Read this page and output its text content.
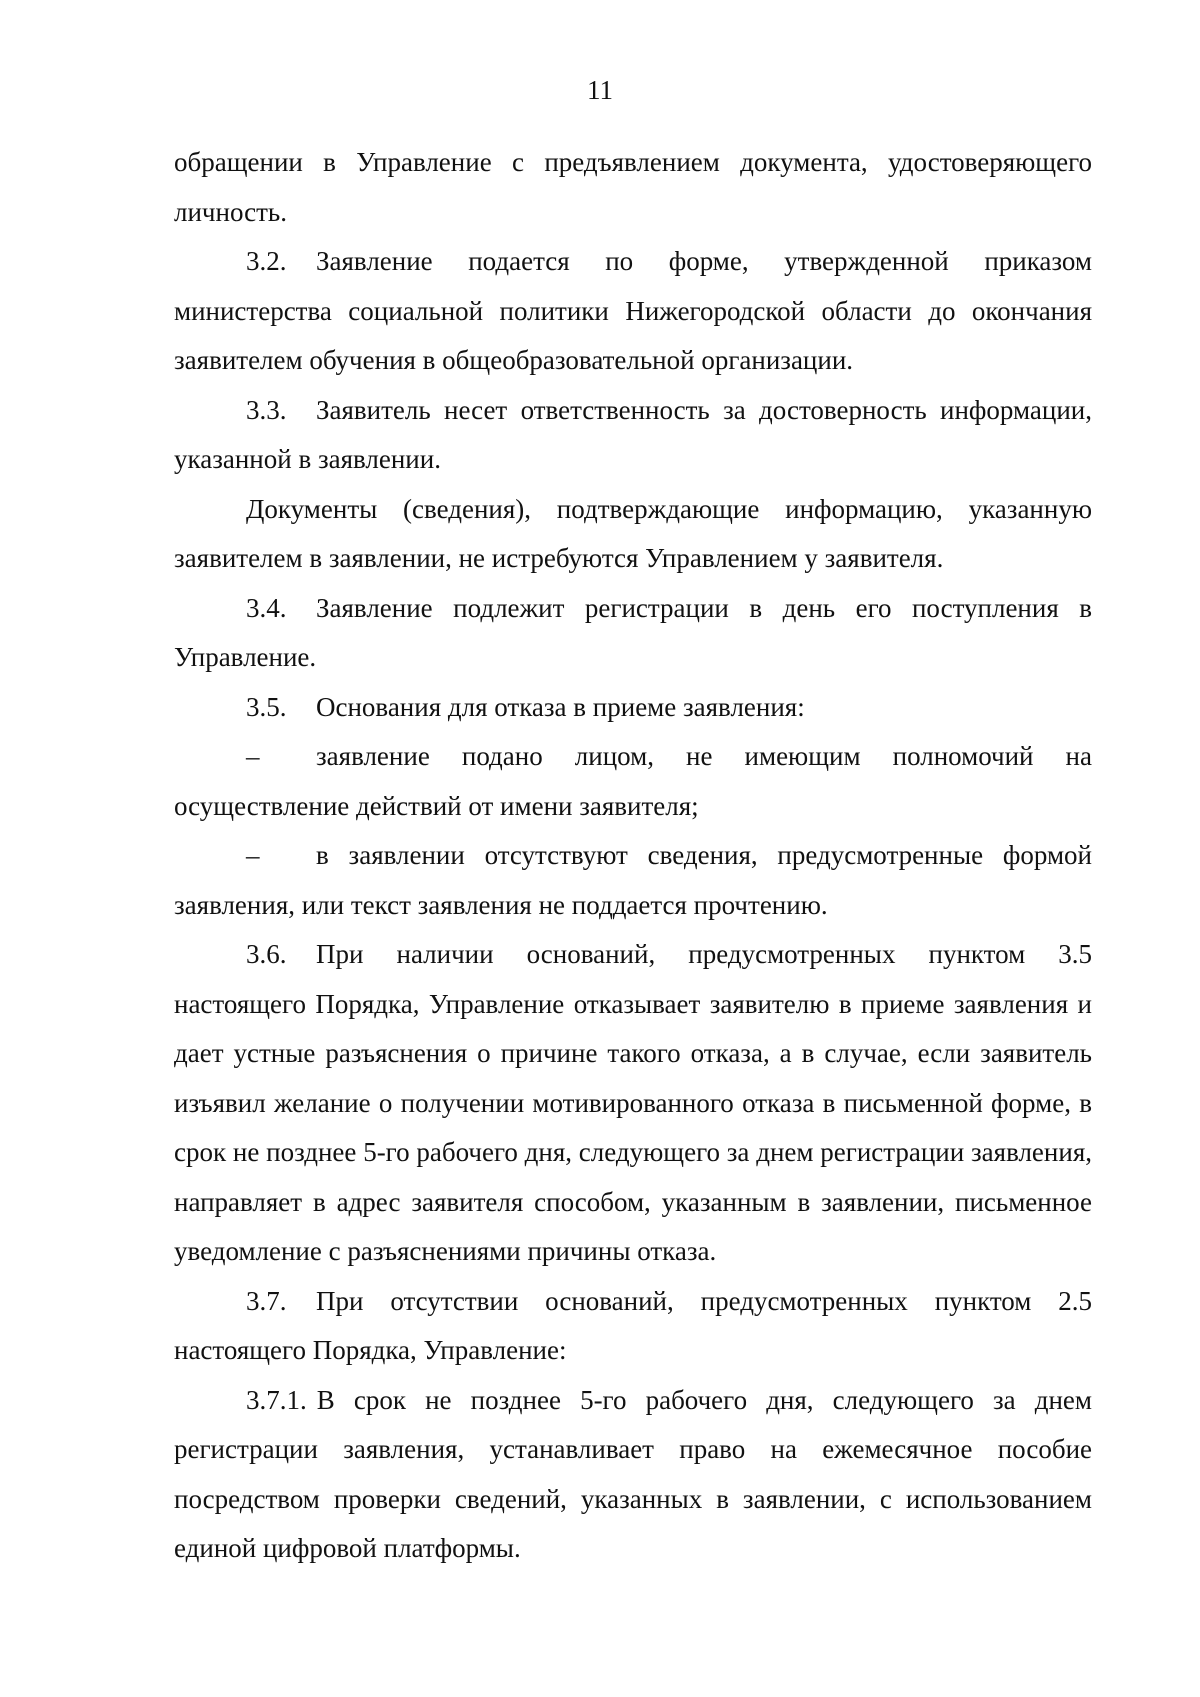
11

обращении в Управление с предъявлением документа, удостоверяющего личность.

3.2. Заявление подается по форме, утвержденной приказом министерства социальной политики Нижегородской области до окончания заявителем обучения в общеобразовательной организации.

3.3. Заявитель несет ответственность за достоверность информации, указанной в заявлении.

Документы (сведения), подтверждающие информацию, указанную заявителем в заявлении, не истребуются Управлением у заявителя.

3.4. Заявление подлежит регистрации в день его поступления в Управление.

3.5. Основания для отказа в приеме заявления:

– заявление подано лицом, не имеющим полномочий на осуществление действий от имени заявителя;

– в заявлении отсутствуют сведения, предусмотренные формой заявления, или текст заявления не поддается прочтению.

3.6. При наличии оснований, предусмотренных пунктом 3.5 настоящего Порядка, Управление отказывает заявителю в приеме заявления и дает устные разъяснения о причине такого отказа, а в случае, если заявитель изъявил желание о получении мотивированного отказа в письменной форме, в срок не позднее 5-го рабочего дня, следующего за днем регистрации заявления, направляет в адрес заявителя способом, указанным в заявлении, письменное уведомление с разъяснениями причины отказа.

3.7. При отсутствии оснований, предусмотренных пунктом 2.5 настоящего Порядка, Управление:

3.7.1. В срок не позднее 5-го рабочего дня, следующего за днем регистрации заявления, устанавливает право на ежемесячное пособие посредством проверки сведений, указанных в заявлении, с использованием единой цифровой платформы.
